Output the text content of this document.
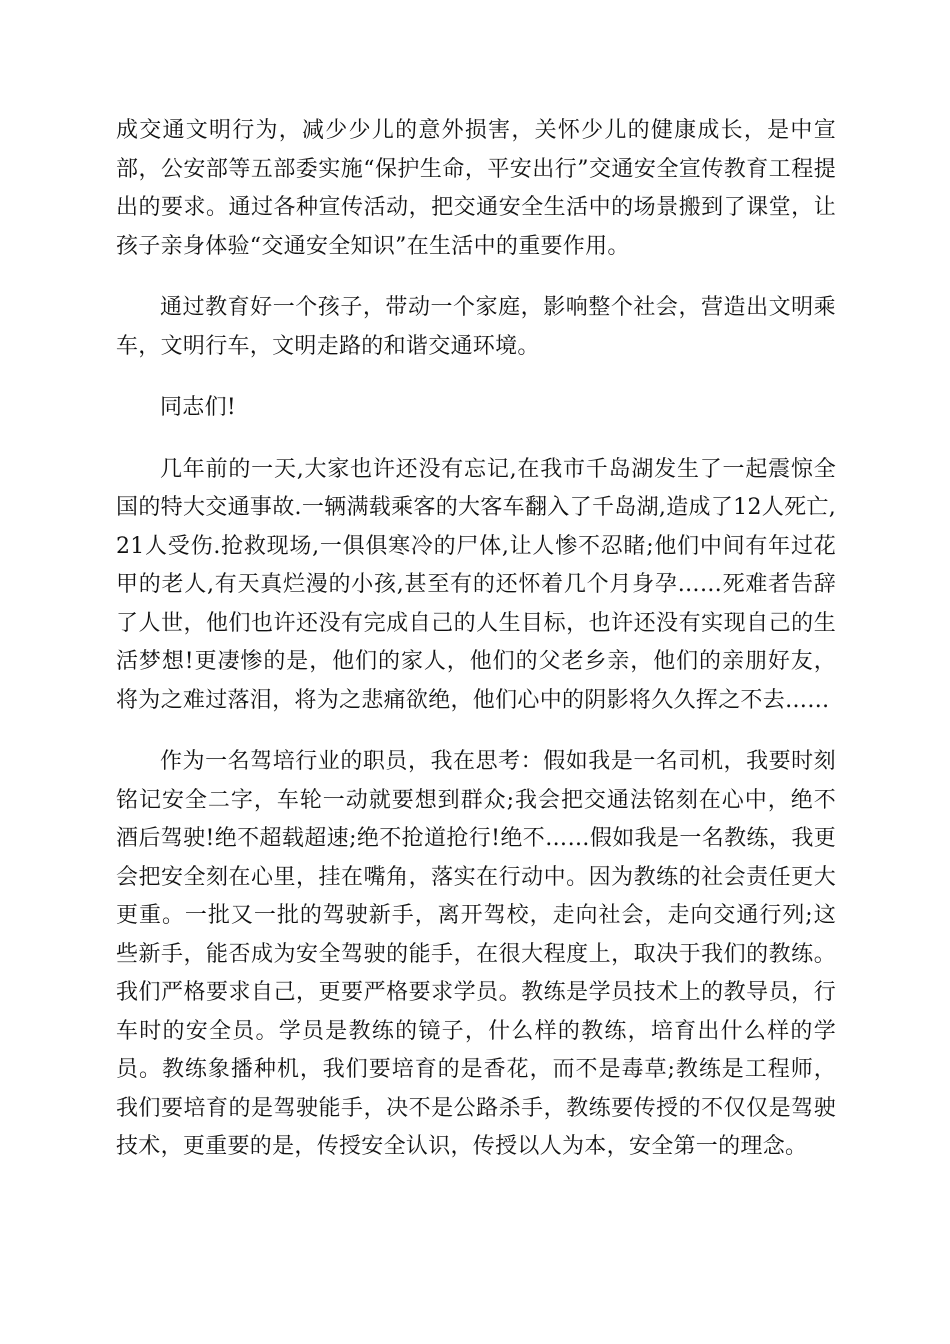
成交通文明行为，减少少儿的意外损害，关怀少儿的健康成长，是中宣部，公安部等五部委实施“保护生命，平安出行”交通安全宣传教育工程提出的要求。通过各种宣传活动，把交通安全生活中的场景搬到了课堂，让孩子亲身体验“交通安全知识”在生活中的重要作用。

通过教育好一个孩子，带动一个家庭，影响整个社会，营造出文明乘车，文明行车，文明走路的和谐交通环境。

同志们!

几年前的一天,大家也许还没有忘记,在我市千岛湖发生了一起震惊全国的特大交通事故.一辆满载乘客的大客车翻入了千岛湖,造成了12人死亡,21人受伤.抢救现场,一俱俱寒冷的尸体,让人惨不忍睹;他们中间有年过花甲的老人,有天真烂漫的小孩,甚至有的还怀着几个月身孕……死难者告辞了人世，他们也许还没有完成自己的人生目标，也许还没有实现自己的生活梦想!更凄惨的是，他们的家人，他们的父老乡亲，他们的亲朋好友，将为之难过落泪，将为之悲痛欲绝，他们心中的阴影将久久挥之不去……

作为一名驾培行业的职员，我在思考：假如我是一名司机，我要时刻铭记安全二字，车轮一动就要想到群众;我会把交通法铭刻在心中，绝不酒后驾驶!绝不超载超速;绝不抢道抢行!绝不……假如我是一名教练，我更会把安全刻在心里，挂在嘴角，落实在行动中。因为教练的社会责任更大更重。一批又一批的驾驶新手，离开驾校，走向社会，走向交通行列;这些新手，能否成为安全驾驶的能手，在很大程度上，取决于我们的教练。我们严格要求自己，更要严格要求学员。教练是学员技术上的教导员，行车时的安全员。学员是教练的镜子，什么样的教练，培育出什么样的学员。教练象播种机，我们要培育的是香花，而不是毒草;教练是工程师，我们要培育的是驾驶能手，决不是公路杀手，教练要传授的不仅仅是驾驶技术，更重要的是，传授安全认识，传授以人为本，安全第一的理念。
